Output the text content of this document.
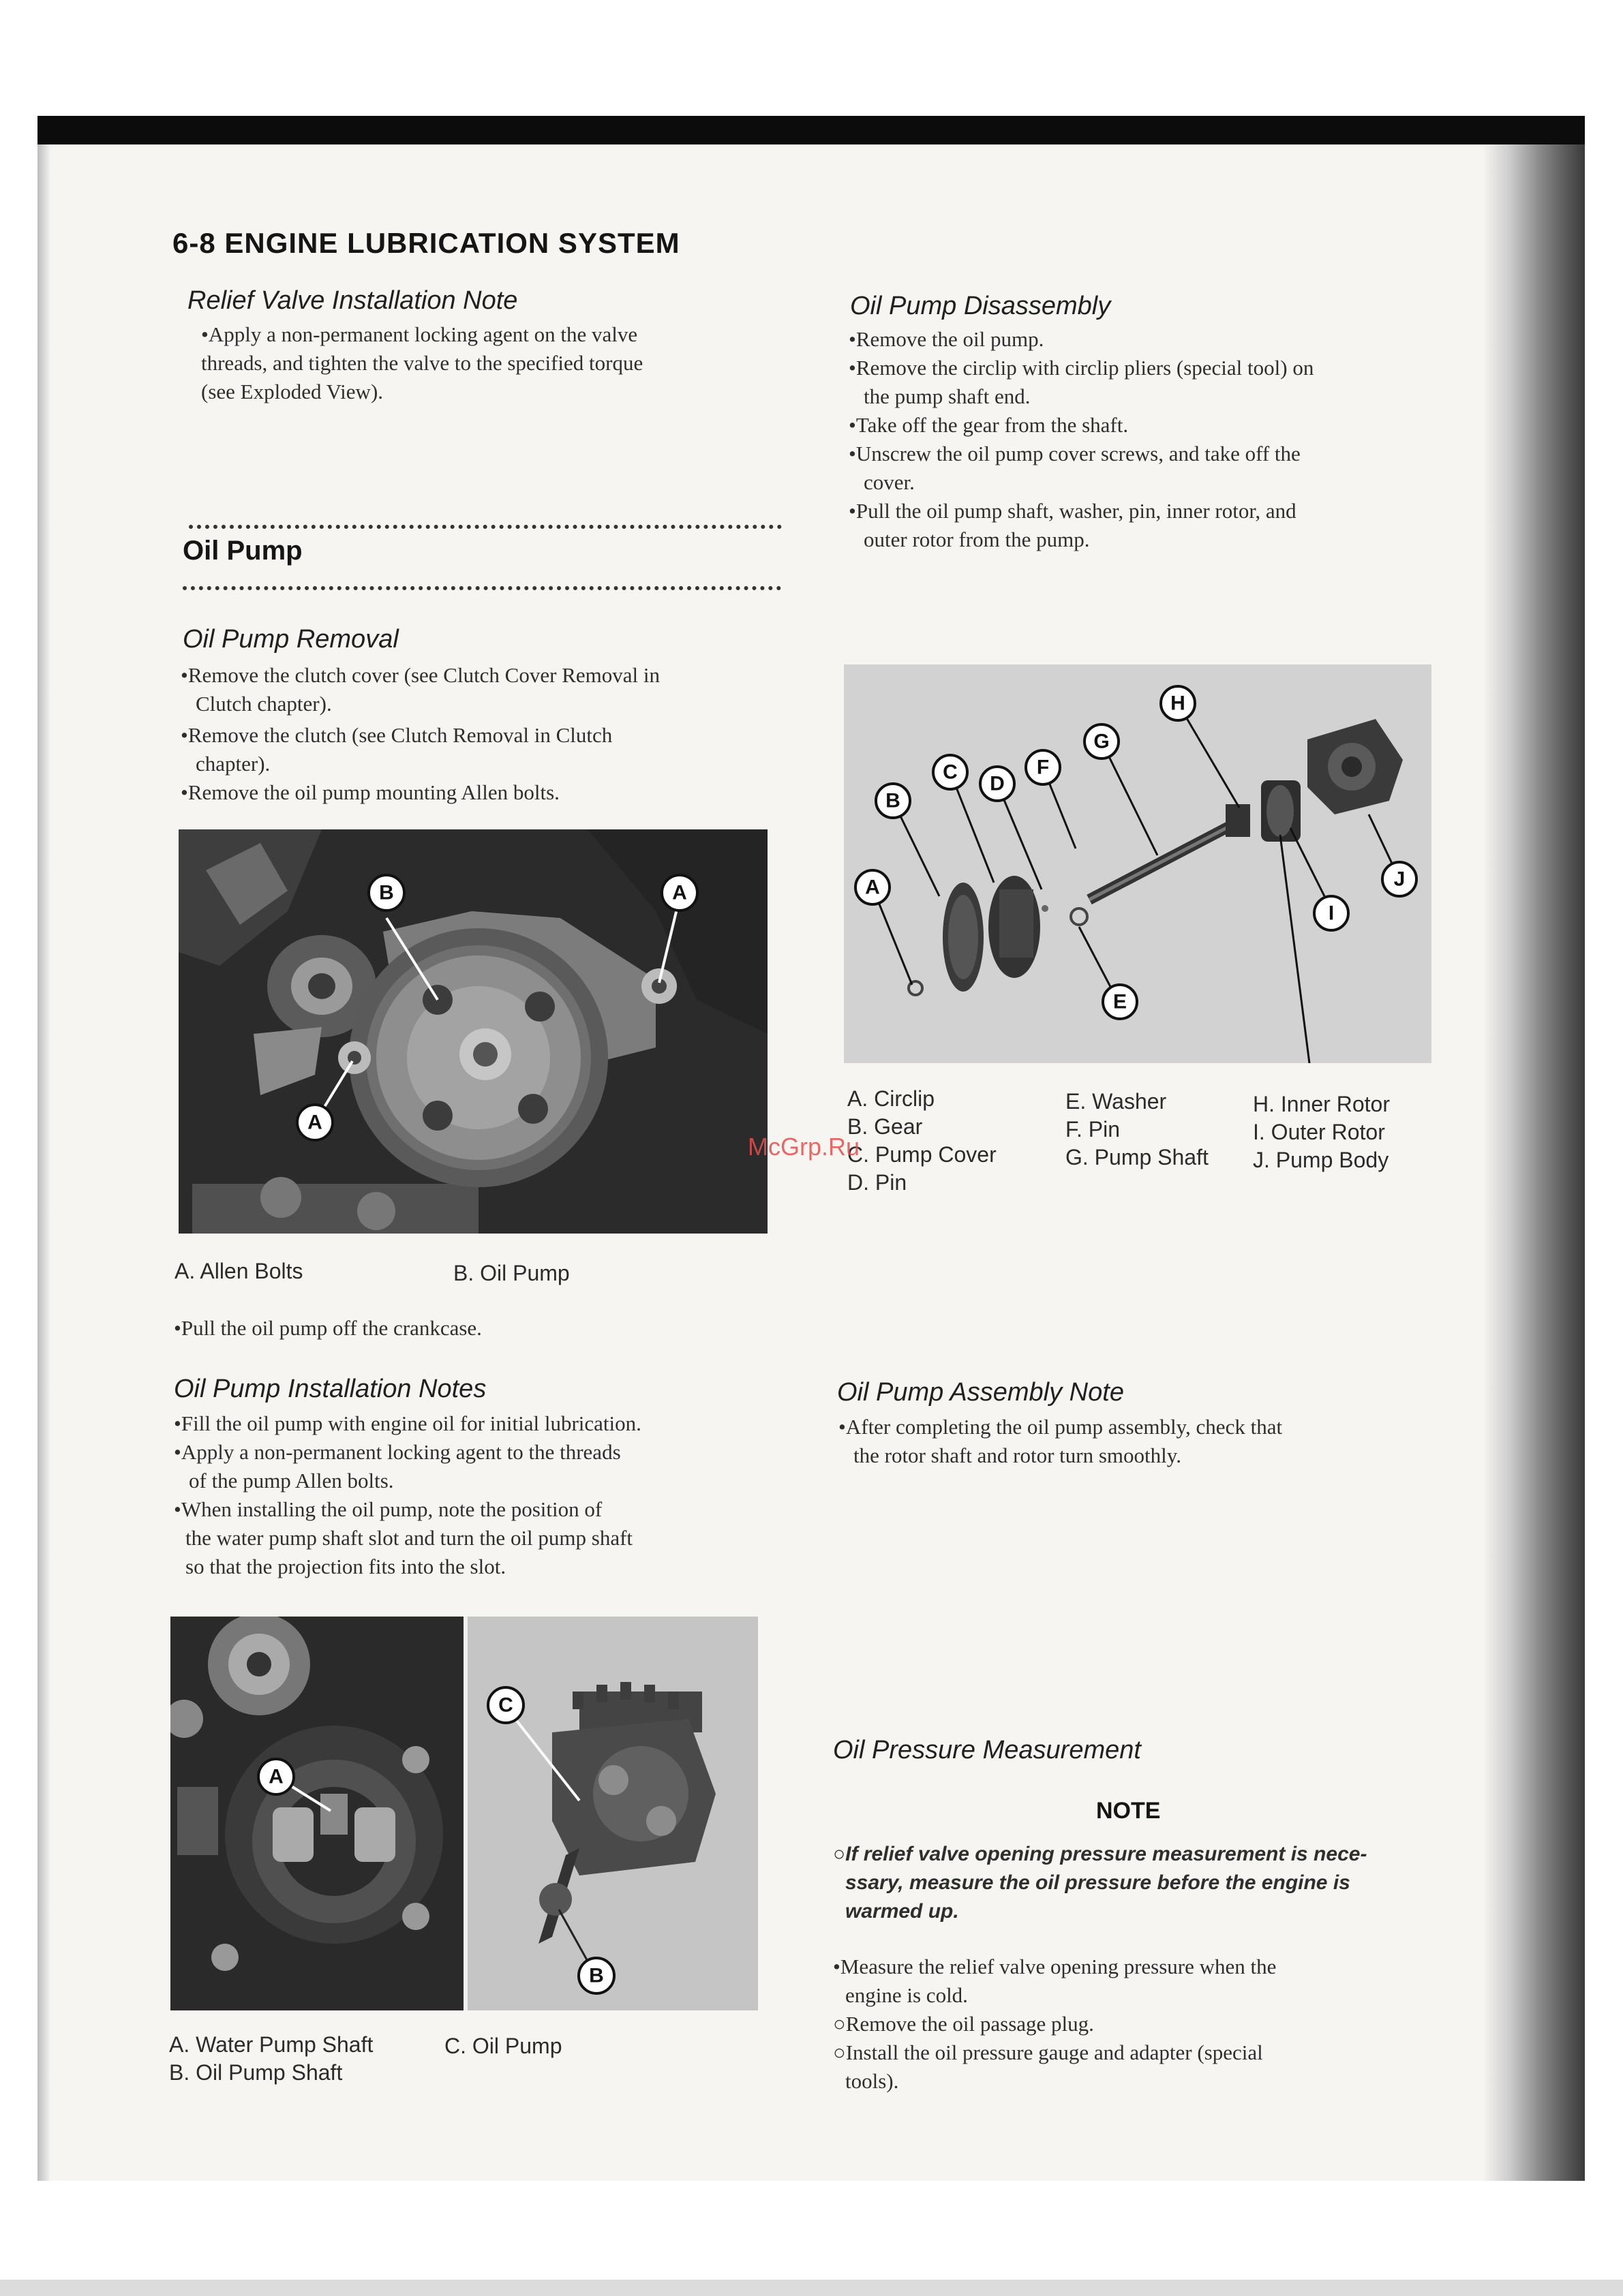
6-8 ENGINE LUBRICATION SYSTEM
Relief Valve Installation Note
•Apply a non-permanent locking agent on the valve
threads, and tighten the valve to the specified torque
(see Exploded View).
Oil Pump
Oil Pump Removal
•Remove the clutch cover (see Clutch Cover Removal in
Clutch chapter).
•Remove the clutch (see Clutch Removal in Clutch
chapter).
•Remove the oil pump mounting Allen bolts.
A
B
A
A. Allen Bolts	B. Oil Pump
•Pull the oil pump off the crankcase.
Oil Pump Installation Notes
•Fill the oil pump with engine oil for initial lubrication.
•Apply a non-permanent locking agent to the threads
of the pump Allen bolts.
•When installing the oil pump, note the position of
the water pump shaft slot and turn the oil pump shaft
so that the projection fits into the slot.
A
C
B
A. Water Pump Shaft
B. Oil Pump Shaft
C. Oil Pump
Oil Pump Disassembly
•Remove the oil pump.
•Remove the circlip with circlip pliers (special tool) on
the pump shaft end.
•Take off the gear from the shaft.
•Unscrew the oil pump cover screws, and take off the
cover.
•Pull the oil pump shaft, washer, pin, inner rotor, and
outer rotor from the pump.
A
B
C
D
E
F
G
H
I
J
A. Circlip
B. Gear
C. Pump Cover
D. Pin
E. Washer
F. Pin
G. Pump Shaft
H. Inner Rotor
I. Outer Rotor
J. Pump Body
McGrp.Ru
Oil Pump Assembly Note
•After completing the oil pump assembly, check that
the rotor shaft and rotor turn smoothly.
Oil Pressure Measurement
NOTE
○If relief valve opening pressure measurement is nece-
ssary, measure the oil pressure before the engine is
warmed up.
•Measure the relief valve opening pressure when the
engine is cold.
○Remove the oil passage plug.
○Install the oil pressure gauge and adapter (special
tools).
